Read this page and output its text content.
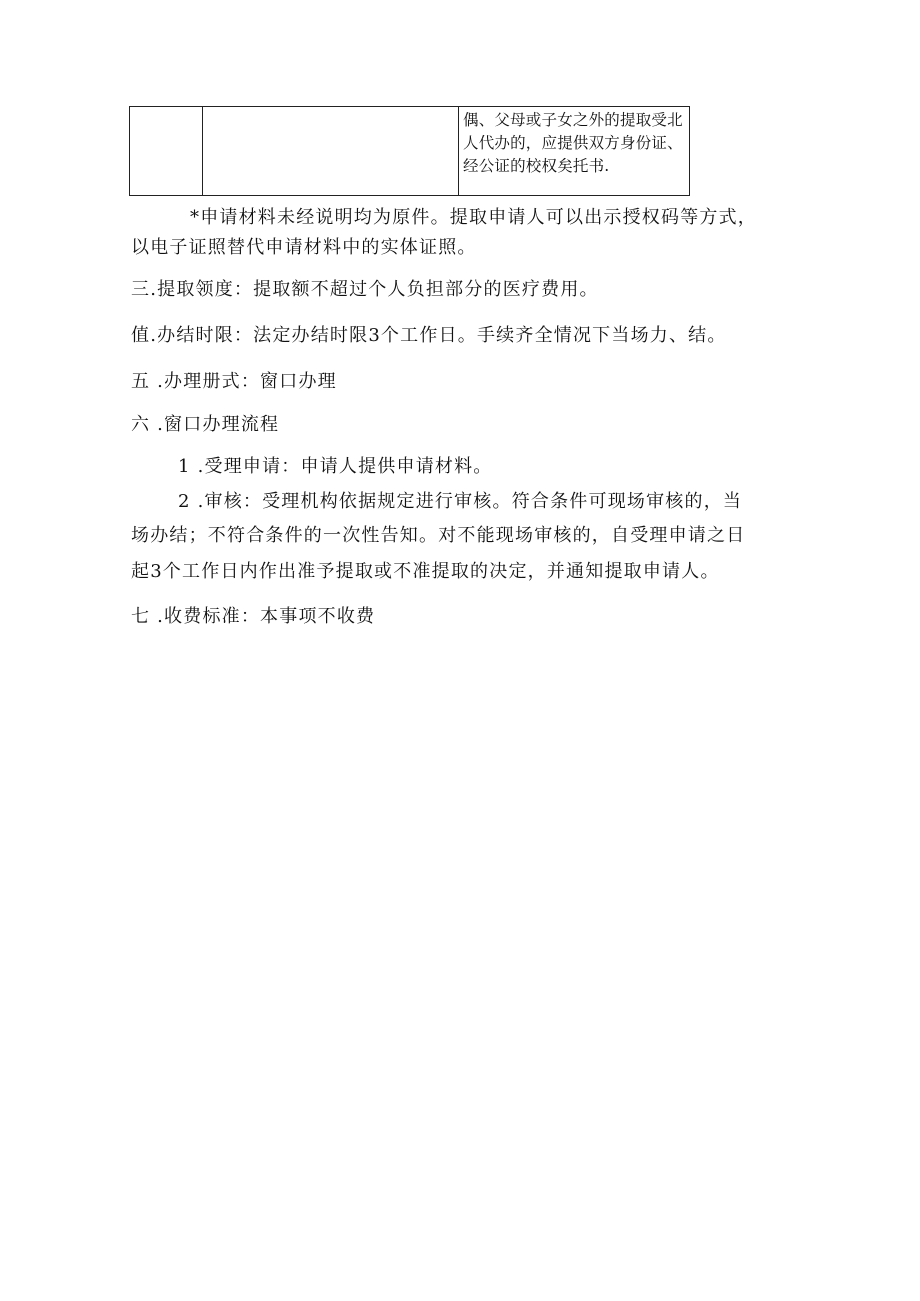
偶、父母或子女之外的提取受北
人代办的，应提供双方身份证、
经公证的校权矣托书.
*申请材料未经说明均为原件。提取申请人可以出示授权码等方式，
以电子证照替代申请材料中的实体证照。
三.提取领度：提取额不超过个人负担部分的医疗费用。
值.办结时限：法定办结时限3个工作日。手续齐全情况下当场力、结。
五 .办理册式：窗口办理
六 .窗口办理流程
1 .受理申请：申请人提供申请材料。
2 .审核：受理机构依据规定进行审核。符合条件可现场审核的，当
场办结；不符合条件的一次性告知。对不能现场审核的，自受理申请之日
起3个工作日内作出准予提取或不准提取的决定，并通知提取申请人。
七 .收费标准：本事项不收费
